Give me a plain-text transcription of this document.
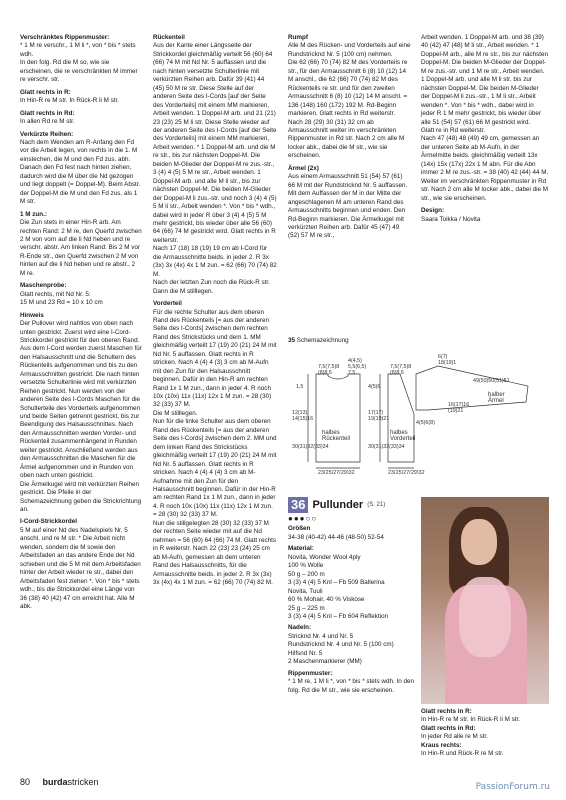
Verschränktes Rippenmuster:
* 1 M re verschr., 1 M li *, von * bis * stets wdh.
In den folg. Rd die M so, wie sie erscheinen, die re verschränkten M immer re verschr. str.

Glatt rechts in R:
In Hin-R re M str. In Rück-R li M str.

Glatt rechts in Rd:
In allen Rd re M str.

Verkürzte Reihen:
Nach dem Wenden am R-Anfang den Fd vor die Arbeit legen, von rechts in die 1. M einstechen, die M und den Fd zus. abh. Danach den Fd fest nach hinten ziehen, dadurch wird die M über die Nd gezogen und liegt doppelt (= Doppel-M). Beim Abstr. der Doppel-M die M und den Fd zus. als 1 M str.

1 M zun.:
Die Zun stets in einer Hin-R arb. Am rechten Rand: 2 M re, den Querfd zwischen 2 M von vorn auf die li Nd heben und re verschr. abstr. Am linken Rand: Bis 2 M vor R-Ende str., den Querfd zwischen 2 M von hinten auf die li Nd heben und re abstr., 2 M re.

Maschenprobe:
Glatt rechts, mit Nd Nr. 5:
15 M und 23 Rd = 10 x 10 cm

Hinweis
Der Pullover wird nahtlos von oben nach unten gestrickt. Zuerst wird eine I-Cord-Strickkordel gestrickt für den oberen Rand. Aus dem I-Cord werden zuerst Maschen für den Halsausschnitt und die Schultern des Rückenteils aufgenommen und bis zu den Armausschnitten gestrickt. Die nach hinten versetzte Schulterlinie wird mit verkürzten Reihen gestrickt. Nun werden von der anderen Seite des I-Cords Maschen für die Schulterteile des Vorderteils aufgenommen und beide Seiten getrennt gestrickt, bis zur Beendigung des Halsausschnittes. Nach den Armausschnitten werden Vorder- und Rückenteil zusammenhängend in Runden weiter gestrickt. Anschließend werden aus den Armausschnitten die Maschen für die Ärmel aufgenommen und in Runden von oben nach unten gestrickt.
Die Ärmelkugel wird mit verkürzten Reihen gestrickt. Die Pfeile in der Schemazeichnung geben die Strickrichtung an.

I-Cord-Strickkordel
5 M auf einer Nd des Nadelspiels Nr. 5 anschl. und re M str. * Die Arbeit nicht wenden, sondern die M sowie den Arbeitsfaden an das andere Ende der Nd schieben und die 5 M mit dem Arbeitsfaden hinter der Arbeit wieder re str., dabei den Arbeitsfaden fest ziehen *. Von * bis * stets wdh., bis die Strickkordel eine Länge von 36 (38) 40 (42) 47 cm erreicht hat. Alle M abk.

Rückenteil
Aus der Kante einer Längsseite der Strickkordel gleichmäßig verteilt 56 (60) 64 (66) 74 M mit Nd Nr. 5 auffassen und die nach hinten versetzte Schulterlinie mit verkürzten Reihen arb. Dafür 39 (41) 44 (45) 50 M re str. Diese Stelle auf der anderen Seite des I-Cords [auf der Seite des Vorderteils] mit einem MM markieren, Arbeit wenden. 1 Doppel-M arb. und 21 (21) 23 (23) 25 M li str. Diese Stelle wieder auf der anderen Seite des I-Cords [auf der Seite des Vorderteils] mit einem MM markieren, Arbeit wenden. * 1 Doppel-M arb. und die M re str., bis zur nächsten Doppel-M. Die beiden M-Glieder der Doppel-M re zus.-str., 3 (4) 4 (5) 5 M re str., Arbeit wenden. 1 Doppel-M arb. und alle M li str., bis zur nächsten Doppel-M. Die beiden M-Glieder der Doppel-M li zus.-str. und noch 3 (4) 4 (5) 5 M li str., Arbeit wenden *. Von * bis * wdh., dabei wird in jeder R über 3 (4) 4 (5) 5 M mehr gestrickt, bis wieder über alle 56 (60) 64 (66) 74 M gestrickt wird. Glatt rechts in R weiterstr.
Nach 17 (18) 18 (19) 19 cm ab I-Cord für die Armausschnitte beids. in jeder 2. R 3x (3x) 3x (4x) 4x 1 M zun. = 62 (66) 70 (74) 82 M.
Nach der letzten Zun noch die Rück-R str. Dann die M stilllegen.

Vorderteil
Für die rechte Schulter aus dem oberen Rand des Rückenteils [= aus der anderen Seite des I-Cords] zwischen dem rechten Rand des Strickstücks und dem 1. MM gleichmäßig verteilt 17 (19) 20 (21) 24 M mit Nd Nr. 5 auffassen. Glatt rechts in R stricken. Nach 4 (4) 4 (3) 3 cm ab M-Aufn mit den Zun für den Halsausschnitt beginnen. Dafür in den Hin-R am rechten Rand 1x 1 M zun., dann in jeder 4. R noch 10x (10x) 11x (11x) 12x 1 M zun. = 28 (30) 32 (33) 37 M.
Die M stilllegen.
Nun für die linke Schulter aus dem oberen Rand des Rückenteils [= aus der anderen Seite des I-Cords] zwischen dem 2. MM und dem linken Rand des Strickstücks gleichmäßig verteilt 17 (19) 20 (21) 24 M mit Nd Nr. 5 auffassen. Glatt rechts in R stricken. Nach 4 (4) 4 (4) 3 cm ab M-Aufnahme mit den Zun für den Halsausschnitt beginnen. Dafür in der Hin-R am rechten Rand 1x 1 M zun., dann in jeder 4. R noch 10x (10x) 11x (11x) 12x 1 M zun. = 28 (30) 32 (33) 37 M.
Nun die stillgelegten 28 (30) 32 (33) 37 M der rechten Seite wieder mit auf die Nd nehmen = 56 (60) 64 (66) 74 M. Glatt rechts in R weiterstr. Nach 22 (23) 23 (24) 25 cm ab M-Aufn, gemessen ab dem unteren Rand des Halsausschnitts, für die Armausschnitte beids. in jeder 2. R 3x (3x) 3x (4x) 4x 1 M zun. = 62 (66) 70 (74) 82 M.

Rumpf
Alle M des Rücken- und Vorderteils auf eine Rundstricknd Nr. 5 (100 cm) nehmen.
Die 62 (66) 70 (74) 82 M des Vorderteils re str., für den Armausschnitt 6 (8) 10 (12) 14 M anschl., die 62 (66) 70 (74) 82 M des Rückenteils re str. und für den zweiten Armausschnitt 6 (8) 10 (12) 14 M anschl. = 136 (148) 160 (172) 192 M. Rd-Beginn markieren. Glatt rechts in Rd weiterstr.
Nach 28 (29) 30 (31) 32 cm ab Armausschnitt weiter im verschränkten Rippenmuster in Rd str. Nach 2 cm alle M locker abk., dabei die M str., wie sie erscheinen.

Ärmel (2x)
Aus einem Armausschnitt 51 (54) 57 (61) 66 M mit der Rundstricknd Nr. 5 auffassen. Mit dem Auffassen der M in der Mitte der angeschlagenen M am unteren Rand des Armausschnitts beginnen und enden. Den Rd-Beginn markieren. Die Ärmelkugel mit verkürzten Reihen arb. Dafür 45 (47) 49 (52) 57 M re str.,

Arbeit wenden. 1 Doppel-M arb. und 38 (39) 40 (42) 47 (48) M li str., Arbeit wenden. * 1 Doppel-M arb., alle M re str., bis zur nächsten Doppel-M. Die beiden M-Glieder der Doppel-M re zus.-str. und 1 M re str., Arbeit wenden. 1 Doppel-M arb. und alle M li str. bis zur nächsten Doppel-M. Die beiden M-Glieder der Doppel-M li zus.-str., 1 M li str., Arbeit wenden *. Von * bis * wdh., dabei wird in jeder R 1 M mehr gestrickt, bis wieder über alle 51 (54) 57 (61) 66 M gestrickt wird.
Glatt re in Rd weiterstr.
Nach 47 (48) 48 (49) 49 cm, gemessen an der unteren Seite ab M-Aufn, in der Ärmelmitte beids. gleichmäßig verteilt 13x (14x) 15x (17x) 22x 1 M abn. Für die Abn immer 2 M re zus.-str. = 38 (40) 42 (44) 44 M.
Weiter im verschränkten Rippenmuster in Rd str. Nach 2 cm alle M locker abk., dabei die M str., wie sie erscheinen.

Design:
Saara Toikka / Novita

35 Schemazeichnung
7,5(7,5)8 (8)8,5
4(4,5) 5,5(6,5) 7,5
7,5(7,5)8 (8)8,5
6(7) 18(19)1
49(50)50(51)51
16(17)16 (19)21
1,5
12(13) 14(15)16
30(31)32(33)34
4(5)6
17(17) 19(19)21
30(31)32(33)34
4(5)6(8)
23(25)27(29)32	23(25)27(29)32
halbes Rückenteil
halbes Vorderteil
halber Ärmel
36 Pullunder (S. 21)
●●●○○

Größen
34-38 (40-42) 44-46 (48-50) 52-54

Material:
Novita, Wonder Wool 4ply
100 % Wolle
50 g – 200 m
3 (3) 4 (4) 5 Knl – Fb 509 Ballerina
Novita, Tuuli
60 % Mohair, 40 % Viskose
25 g – 225 m
3 (3) 4 (4) 5 Knl – Fb 604 Reflektion

Nadeln:
Stricknd Nr. 4 und Nr. 5
Rundstricknd Nr. 4 und Nr. 5 (100 cm)
Hilfsnd Nr. 5
2 Maschenmarkierer (MM)

Rippenmuster:
* 1 M re, 1 M li *, von * bis * stets wdh. In den folg. Rd die M str., wie sie erscheinen.

Glatt rechts in R:
In Hin-R re M str. In Rück-R li M str.

Glatt rechts in Rd:
In jeder Rd alle re M str.

Kraus rechts:
In Hin-R und Rück-R re M str.

80 burdastricken	PassionForum.ru
